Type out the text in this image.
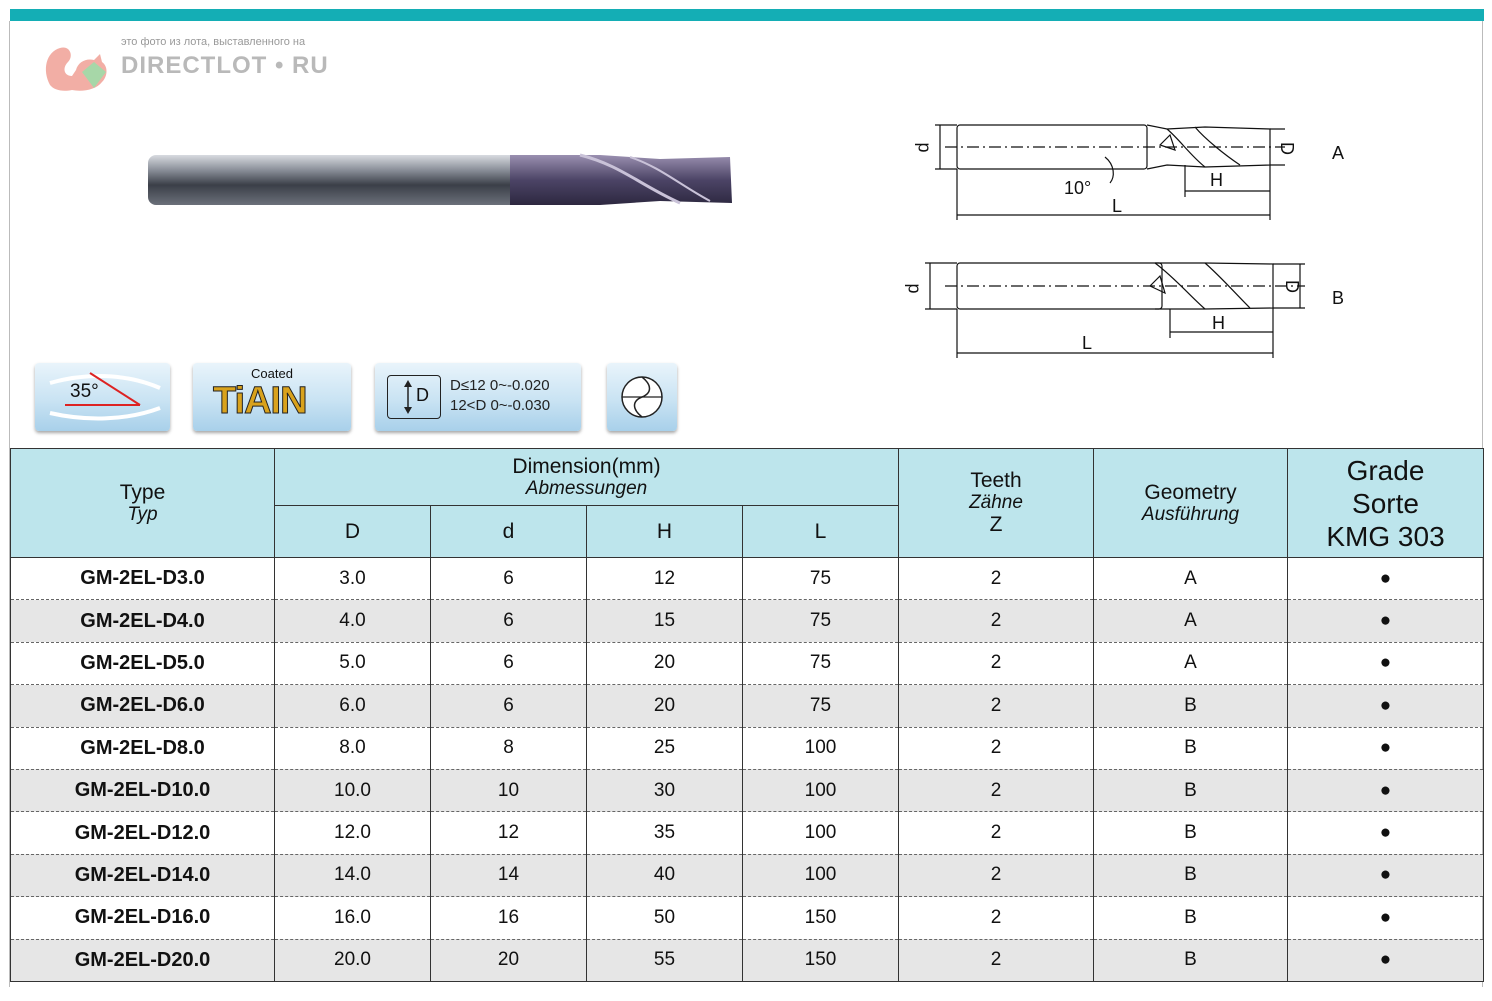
это фото из лота, выставленного на
DIRECTLOT • RU
d	D
10°	H
L
A
d	D
H
L
B
35°
Coated
TiAIN	D D≤12 0~-0.020
12<D 0~-0.030
Type
Typ	Dimension(mm)
Abmessungen				Teeth
Zähne
Z	Geometry
Ausführung	Grade
Sorte
KMG 303

	D	d	H	L			

GM-2EL-D3.0	3.0	6	12	75	2	A	●
GM-2EL-D4.0	4.0	6	15	75	2	A	●
GM-2EL-D5.0	5.0	6	20	75	2	A	●
GM-2EL-D6.0	6.0	6	20	75	2	B	●
GM-2EL-D8.0	8.0	8	25	100	2	B	●
GM-2EL-D10.0	10.0	10	30	100	2	B	●
GM-2EL-D12.0	12.0	12	35	100	2	B	●
GM-2EL-D14.0	14.0	14	40	100	2	B	●
GM-2EL-D16.0	16.0	16	50	150	2	B	●
GM-2EL-D20.0	20.0	20	55	150	2	B	●
